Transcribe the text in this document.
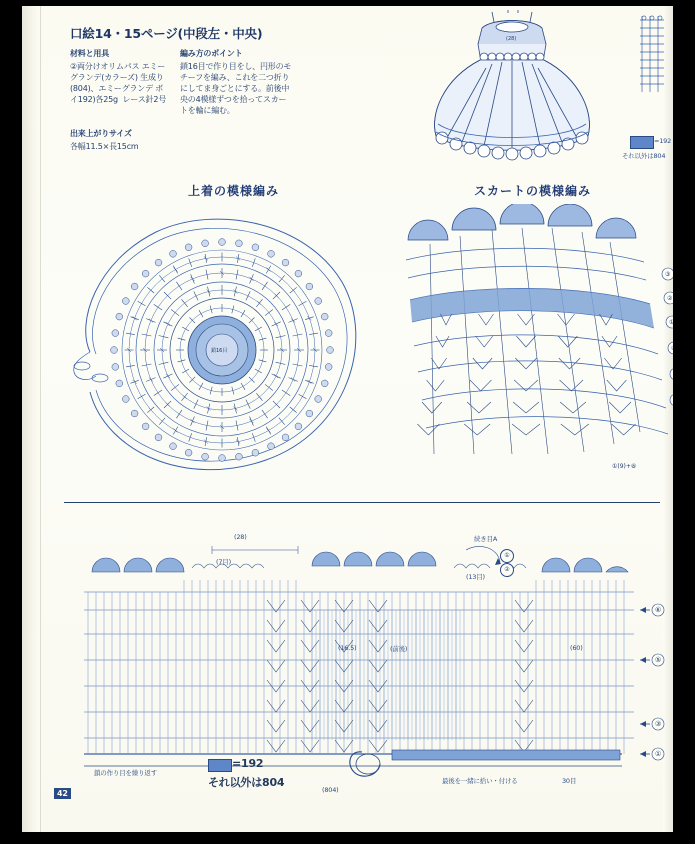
口絵14・15ページ(中段左・中央)
材料と用具
②両分けオリムパス エミーグランデ(カラーズ) 生成り(804)、エミーグランデ ボイ192)各25g  レース針2号
出来上がりサイズ
各幅11.5×長15cm
編み方のポイント
鎖16目で作り目をし、円形のモチーフを編み、これを二つ折りにしてま身ごとにする。前後中央の4模様ずつを拾ってスカートを輪に編む。
(28)
=192
それ以外は804
上着の模様編み	スカートの模様編み
鎖16目
③
②
①
④
⑤
⑥
①(9)+⑧
⑥
⑤
③
①
(28)
(7目)
(16.5)	(前後)	(60)
続き目A
(13目)
(804)
①
②
=192
それ以外は804
鎖の作り目を繰り返す
最後を一緒に拾い・付ける	30目
42
